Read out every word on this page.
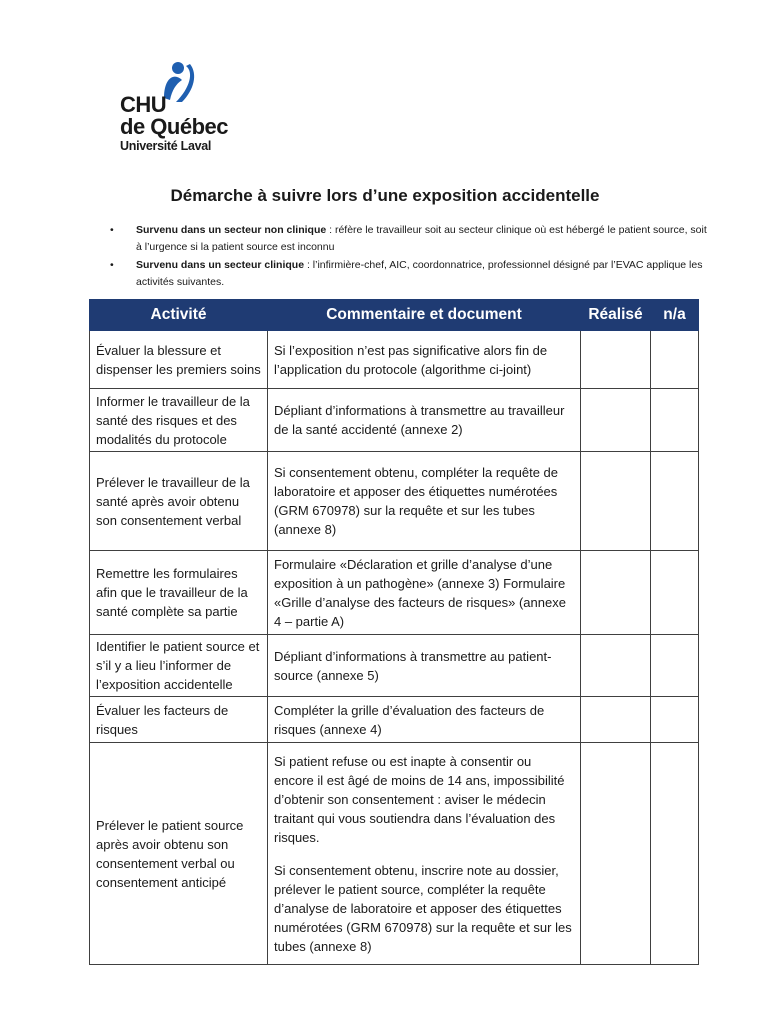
CHU
de Québec
Université Laval
Démarche à suivre lors d’une exposition accidentelle
• Survenu dans un secteur non clinique : réfère le travailleur soit au secteur clinique où est hébergé le patient source, soit à l’urgence si la patient source est inconnu
• Survenu dans un secteur clinique : l’infirmière-chef, AIC, coordonnatrice, professionnel désigné par l’EVAC applique les activités suivantes.
Activité	Commentaire et document	Réalisé	n/a
Évaluer la blessure et dispenser les premiers soins	Si l’exposition n’est pas significative alors fin de l’application du protocole (algorithme ci-joint)		

Informer le travailleur de la santé des risques et des modalités du protocole	Dépliant d’informations à transmettre au travailleur de la santé accidenté (annexe 2)		

Prélever le travailleur de la santé après avoir obtenu son consentement verbal	Si consentement obtenu, compléter la requête de laboratoire et apposer des étiquettes numérotées (GRM 670978) sur la requête et sur les tubes (annexe 8)		

Remettre les formulaires afin que le travailleur de la santé complète sa partie	Formulaire «Déclaration et grille d’analyse d’une exposition à un pathogène» (annexe 3) Formulaire «Grille d’analyse des facteurs de risques» (annexe 4 – partie A)		

Identifier le patient source et s’il y a lieu l’informer de l’exposition accidentelle	Dépliant d’informations à transmettre au patient-source (annexe 5)		

Évaluer les facteurs de risques	Compléter la grille d’évaluation des facteurs de risques (annexe 4)		

Prélever le patient source après avoir obtenu son consentement verbal ou consentement anticipé	Si patient refuse ou est inapte à consentir ou encore il est âgé de moins de 14 ans, impossibilité d’obtenir son consentement : aviser le médecin traitant qui vous soutiendra dans l’évaluation des risques.
Si consentement obtenu, inscrire note au dossier, prélever le patient source, compléter la requête d’analyse de laboratoire et apposer des étiquettes numérotées (GRM 670978) sur la requête et sur les tubes (annexe 8)		
